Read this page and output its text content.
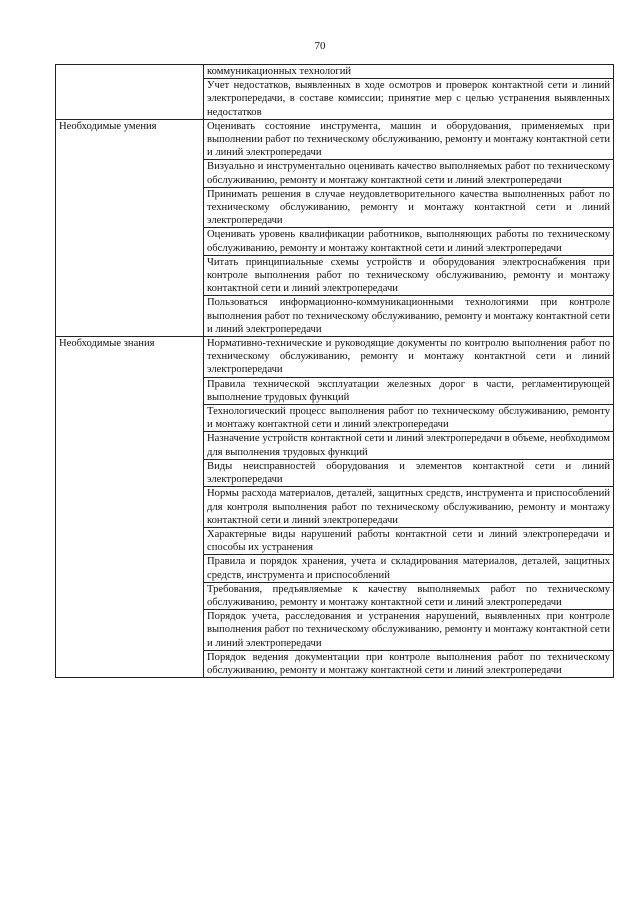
70
	коммуникационных технологий
	Учет недостатков, выявленных в ходе осмотров и проверок контактной сети и линий электропередачи, в составе комиссии; принятие мер с целью устранения выявленных недостатков
Необходимые умения	Оценивать состояние инструмента, машин и оборудования, применяемых при выполнении работ по техническому обслуживанию, ремонту и монтажу контактной сети и линий электропередачи
	Визуально и инструментально оценивать качество выполняемых работ по техническому обслуживанию, ремонту и монтажу контактной сети и линий электропередачи
	Принимать решения в случае неудовлетворительного качества выполненных работ по техническому обслуживанию, ремонту и монтажу контактной сети и линий электропередачи
	Оценивать уровень квалификации работников, выполняющих работы по техническому обслуживанию, ремонту и монтажу контактной сети и линий электропередачи
	Читать принципиальные схемы устройств и оборудования электроснабжения при контроле выполнения работ по техническому обслуживанию, ремонту и монтажу контактной сети и линий электропередачи
	Пользоваться информационно-коммуникационными технологиями при контроле выполнения работ по техническому обслуживанию, ремонту и монтажу контактной сети и линий электропередачи
Необходимые знания	Нормативно-технические и руководящие документы по контролю выполнения работ по техническому обслуживанию, ремонту и монтажу контактной сети и линий электропередачи
	Правила технической эксплуатации железных дорог в части, регламентирующей выполнение трудовых функций
	Технологический процесс выполнения работ по техническому обслуживанию, ремонту и монтажу контактной сети и линий электропередачи
	Назначение устройств контактной сети и линий электропередачи в объеме, необходимом для выполнения трудовых функций
	Виды неисправностей оборудования и элементов контактной сети и линий электропередачи
	Нормы расхода материалов, деталей, защитных средств, инструмента и приспособлений для контроля выполнения работ по техническому обслуживанию, ремонту и монтажу контактной сети и линий электропередачи
	Характерные виды нарушений работы контактной сети и линий электропередачи и способы их устранения
	Правила и порядок хранения, учета и складирования материалов, деталей, защитных средств, инструмента и приспособлений
	Требования, предъявляемые к качеству выполняемых работ по техническому обслуживанию, ремонту и монтажу контактной сети и линий электропередачи
	Порядок учета, расследования и устранения нарушений, выявленных при контроле выполнения работ по техническому обслуживанию, ремонту и монтажу контактной сети и линий электропередачи
	Порядок ведения документации при контроле выполнения работ по техническому обслуживанию, ремонту и монтажу контактной сети и линий электропередачи
